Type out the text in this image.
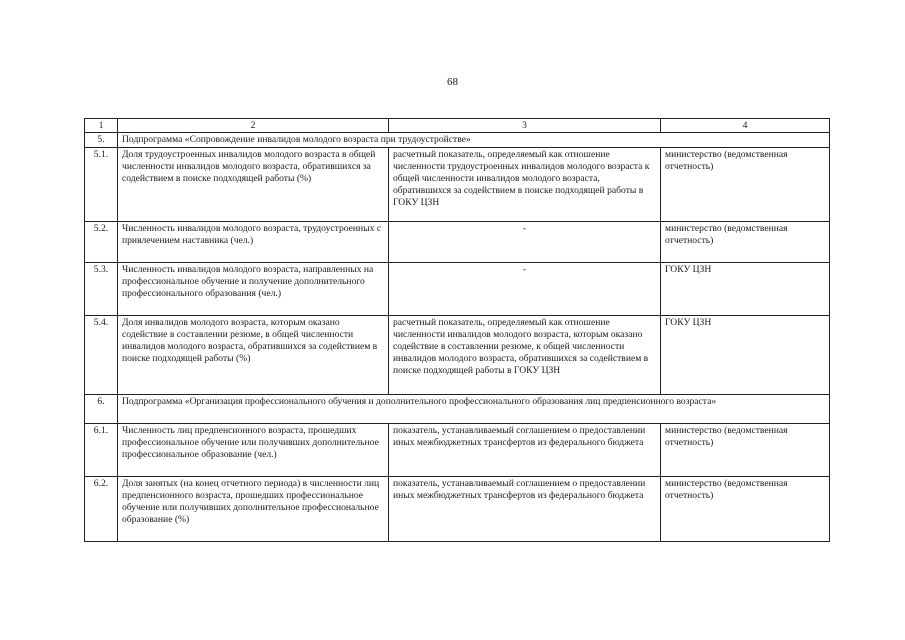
68
1	2	3	4
5.	Подпрограмма «Сопровождение инвалидов молодого возраста при трудоустройстве»		
5.1.	Доля трудоустроенных инвалидов молодого возраста в общей численности инвалидов молодого возраста, обратившихся за содействием в поиске подходящей работы (%)	расчетный показатель, определяемый как отношение численности трудоустроенных инвалидов молодого возраста к общей численности инвалидов молодого возраста, обратившихся за содействием в поиске подходящей работы в ГОКУ ЦЗН	министерство (ведомственная отчетность)
5.2.	Численность инвалидов молодого возраста, трудоустроенных с привлечением наставника (чел.)	-	министерство (ведомственная отчетность)
5.3.	Численность инвалидов молодого возраста, направленных на профессиональное обучение и получение дополнительного профессионального образования (чел.)	-	ГОКУ ЦЗН
5.4.	Доля инвалидов молодого возраста, которым оказано содействие в составлении резюме, в общей численности инвалидов молодого возраста, обратившихся за содействием в поиске подходящей работы (%)	расчетный показатель, определяемый как отношение численности инвалидов молодого возраста, которым оказано содействие в составлении резюме, к общей численности инвалидов молодого возраста, обратившихся за содействием в поиске подходящей работы в ГОКУ ЦЗН	ГОКУ ЦЗН
6.	Подпрограмма «Организация профессионального обучения и дополнительного профессионального образования лиц предпенсионного возраста»		
6.1.	Численность лиц предпенсионного возраста, прошедших профессиональное обучение или получивших дополнительное профессиональное образование (чел.)	показатель, устанавливаемый соглашением о предоставлении иных межбюджетных трансфертов из федерального бюджета	министерство (ведомственная отчетность)
6.2.	Доля занятых (на конец отчетного периода) в численности лиц предпенсионного возраста, прошедших профессиональное обучение или получивших дополнительное профессиональное образование (%)	показатель, устанавливаемый соглашением о предоставлении иных межбюджетных трансфертов из федерального бюджета	министерство (ведомственная отчетность)
